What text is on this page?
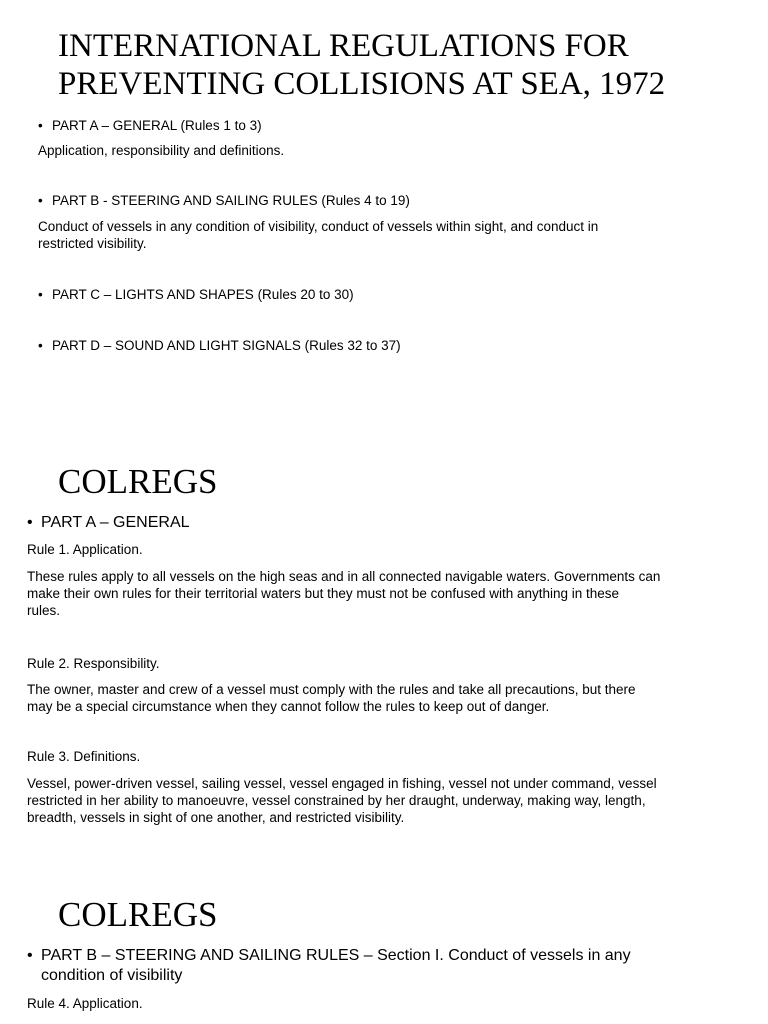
INTERNATIONAL REGULATIONS FOR
PREVENTING COLLISIONS AT SEA, 1972
• PART A – GENERAL (Rules 1 to 3)

Application, responsibility and definitions.

• PART B - STEERING AND SAILING RULES (Rules 4 to 19)

Conduct of vessels in any condition of visibility, conduct of vessels within sight, and conduct in
restricted visibility.

• PART C – LIGHTS AND SHAPES (Rules 20 to 30)
• PART D – SOUND AND LIGHT SIGNALS (Rules 32 to 37)
COLREGS
• PART A – GENERAL

Rule 1. Application.

These rules apply to all vessels on the high seas and in all connected navigable waters. Governments can
make their own rules for their territorial waters but they must not be confused with anything in these
rules.

Rule 2. Responsibility.

The owner, master and crew of a vessel must comply with the rules and take all precautions, but there
may be a special circumstance when they cannot follow the rules to keep out of danger.

Rule 3. Definitions.

Vessel, power-driven vessel, sailing vessel, vessel engaged in fishing, vessel not under command, vessel
restricted in her ability to manoeuvre, vessel constrained by her draught, underway, making way, length,
breadth, vessels in sight of one another, and restricted visibility.

COLREGS
• PART B – STEERING AND SAILING RULES – Section I. Conduct of vessels in any
condition of visibility

Rule 4. Application.
